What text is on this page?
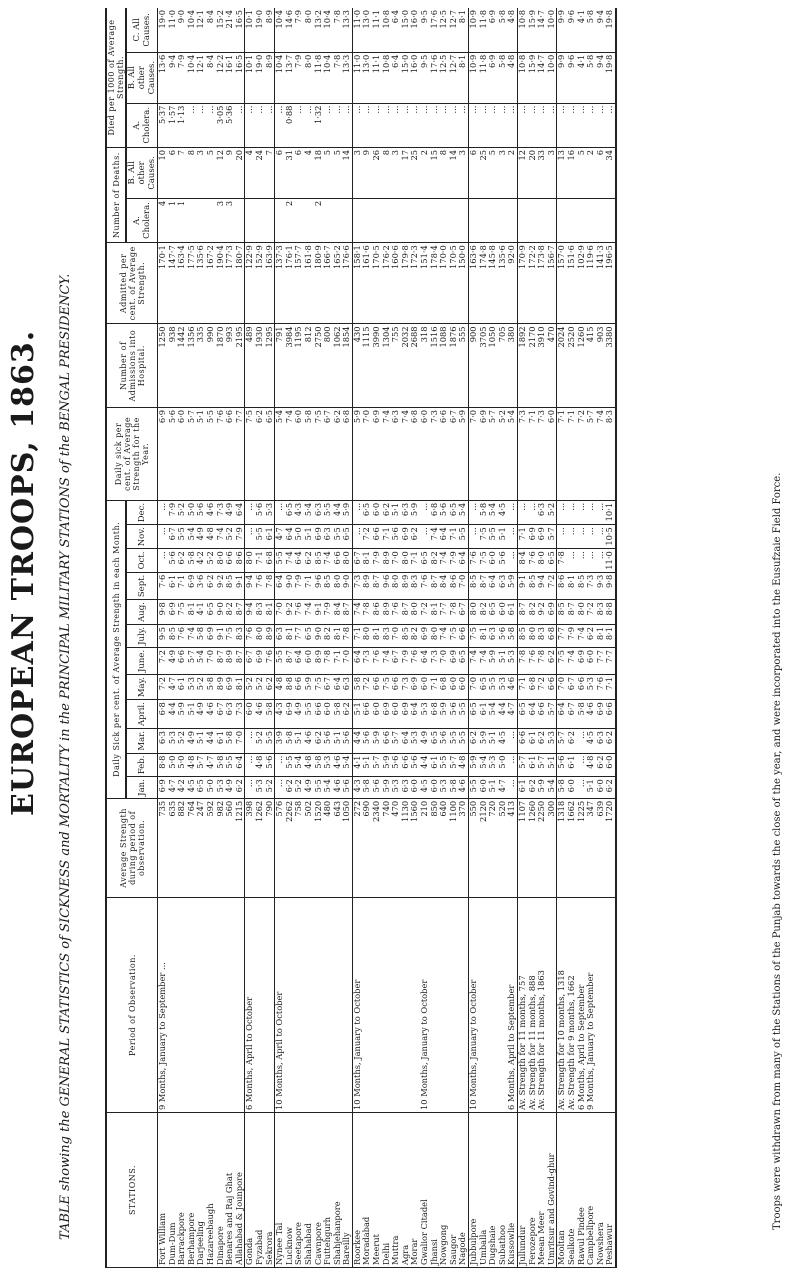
EUROPEAN TROOPS, 1863. TABLE showing the GENERAL STATISTICS of SICKNESS and MORTALITY in the PRINCIPAL MILITARY STATIONS of the BENGAL PRESIDENCY.	Troops were withdrawn from many of the Stations of the Punjab towards the close of the year, and were incorporated into the Eusufzaie Field Force.
STATIONS.	Period of Observation.	Average Strength during period of observation.	Daily Sick per cent. of Average Strength in each Month.												Daily sick per cent. of Average Strength for the Year.	Number of Admissions into Hospital.	Admitted per cent. of Average Strength.	Number of Deaths.		Died per 1000 of Average Strength.		
			Jan.	Feb.	Mar.	April.	May.	June.	July.	Aug.	Sept.	Oct.	Nov.	Dec.				A. Cholera.	B. All other Causes.	A. Cholera.	B. All other Causes.	C. All Causes.
Fort William	9 Months, January to September ...	735	6·9	8·8	6·3	6·8	7·2	7·2	9·5	9·8	7·6	...	...	...	6·9	1250	170·1	4	10	5·37	13·6	19·0
Dum-Dum		635	4·7	5·0	5·3	4·4	4·7	4·9	8·5	6·9	6·1	5·6	6·7	7·9	5·6	938	147·7	1	6	1·57	9·4	11·0
Barrackpore		882	4·2	5·0	5·2	5·9	6·1	6·6	7·6	7·5	7·1	6·2	5·5	5·2	6·0	1442	163·4	1	7	1·13	7·9	9·0
Berhampore		764	4·5	4·8	4·9	5·1	5·3	5·7	7·4	8·1	6·9	5·8	5·4	5·0	5·7	1356	177·5		8	...	10·4	10·4
Darjeeling		247	6·5	5·7	5·1	4·9	5·2	5·4	5·8	4·1	3·6	4·2	4·9	5·6	5·1	335	135·6		3	...	12·1	12·1
Hazareebaugh		592	5·0	4·7	4·4	4·6	5·8	7·0	6·9	6·5	6·2	5·2	4·8	4·6	5·5	990	167·2		5	...	8·4	8·4
Dinapore		982	5·3	5·8	6·1	6·7	8·9	8·7	9·1	9·0	9·2	8·0	7·4	7·3	7·6	1870	190·4	3	12	3·05	12·2	15·2
Benares and Raj Ghat		560	4·9	5·5	5·8	6·3	6·9	8·9	7·5	8·2	8·5	6·6	5·2	4·9	6·6	993	177·3	3	9	5·36	16·1	21·4
Allahabad & Jounpore		1215	6·2	6·4	7·0	7·3	8·1	8·7	8·3	8·7	9·1	8·6	7·9	6·4	7·7	2195	180·7		20	...	16·5	16·5
Gonda	6 Months, April to October	398	...	...	...	6·0	5·2	6·7	7·6	9·4	9·4	8·0	...	...	7·5	489	122·9		4	...	10·1	10·1
Fyzabad		1262	5·3	4·8	5·2	4·6	5·2	6·9	8·0	8·3	7·6	7·1	5·5	5·6	6·2	1930	152·9		24	...	19·0	19·0
Sekrora		790	5·2	5·6	5·5	5·8	6·2	7·6	8·9	8·1	7·8	6·8	6·1	5·3	6·5	1295	163·9		7	...	8·9	8·9
Nynee Tal	10 Months, April to October	576	...	...	3·9	4·3	4·8	5·5	6·3	7·0	6·4	5·5	4·7	...	5·4	791	137·3		6	...	10·4	10·4
Lucknow		2262	6·2	5·5	5·8	6·9	8·8	8·7	8·1	9·2	9·0	7·4	6·4	6·5	7·4	3984	176·1	2	31	0·88	13·7	14·6
Seetapore		758	5·2	5·4	5·1	4·9	6·6	6·4	7·7	7·6	7·9	6·4	5·0	4·3	6·0	1195	157·7		6	...	7·9	7·9
Shahabad		502	4·9	4·8	4·6	5·5	5·9	6·0	6·5	7·4	7·1	6·2	5·1	5·4	5·8	812	161·8		4	...	8·0	8·0
Cawnpore		1520	5·5	5·8	6·2	6·6	7·5	8·9	9·0	9·1	9·6	8·5	6·9	6·3	7·5	2750	180·9	2	18	1·32	11·8	13·2
Futtehgurh		480	5·4	5·3	5·6	6·0	6·7	7·8	8·2	7·9	8·5	7·4	6·3	5·5	6·7	800	166·7		5	...	10·4	10·4
Shahjehanpore		643	4·6	4·6	5·1	5·8	6·4	7·1	8·1	8·4	8·0	6·6	5·5	4·4	6·2	1062	165·2		5	...	7·8	7·8
Bareilly		1050	5·6	5·4	5·6	6·2	6·3	7·0	7·8	8·7	9·0	8·0	6·5	5·9	6·8	1854	176·6		14	...	13·3	13·3
Roorkee	10 Months, January to October	272	4·3	4·1	4·4	5·1	5·8	6·4	7·1	7·4	7·3	6·7	...	...	5·9	430	158·1		3	...	11·0	11·0
Moradabad		690	5·8	5·1	5·6	6·6	7·2	7·3	8·0	7·8	8·9	8·1	7·2	6·5	7·0	1115	161·6		9	...	13·0	13·0
Meerut		2340	5·6	5·7	5·9	6·0	6·6	7·6	8·1	8·6	8·7	7·9	6·6	6·0	6·9	3990	170·5		26	...	11·1	11·1
Delhi		740	5·9	5·9	6·6	6·9	7·5	7·4	8·3	8·9	9·6	8·9	7·1	6·2	7·4	1304	176·2		8	...	10·8	10·8
Muttra		470	5·3	5·6	5·7	6·0	6·6	6·7	7·0	7·6	8·0	7·0	5·6	5·1	6·3	755	160·6		3	...	6·4	6·4
Agra		1130	6·3	6·6	6·4	6·9	7·3	7·9	8·5	8·7	8·9	8·0	6·9	6·3	7·4	2032	179·8		17	...	15·0	15·0
Morar		1560	6·0	5·6	5·3	6·4	6·9	7·6	8·2	8·0	8·3	7·1	6·2	5·9	6·8	2688	172·3		25	...	16·0	16·0
Gwalior Citadel	10 Months, January to October	210	4·5	4·4	4·9	5·3	6·0	6·4	6·9	7·2	7·6	6·5	...	...	6·0	318	151·4		2	...	9·5	9·5
Jhansi		850	6·0	6·1	6·5	6·8	7·1	7·3	8·0	8·1	8·7	8·2	7·4	6·8	7·3	1516	178·4		15	...	17·6	17·6
Nowgong		640	5·3	5·5	5·6	5·9	6·8	7·0	7·4	7·7	8·4	7·4	6·4	5·6	6·6	1088	170·0		8	...	12·5	12·5
Saugor		1100	5·8	5·7	5·5	5·6	6·0	6·9	7·5	7·8	8·6	7·9	7·1	6·5	6·7	1876	170·5		14	...	12·7	12·7
Nagode		370	4·6	4·8	5·5	5·5	6·0	6·5	6·6	6·7	7·0	6·4	5·5	5·4	5·9	555	150·0		3	...	8·1	8·1
Jubbulpore	10 Months, January to October	550	5·5	5·9	6·2	6·5	7·0	7·4	7·5	8·0	8·5	7·6	...	...	7·0	900	163·6		6	...	10·9	10·9
Umballa		2120	6·0	5·4	5·9	6·1	6·5	7·4	8·1	8·2	8·7	7·5	7·5	5·8	6·9	3705	174·8		25	...	11·8	11·8
Dugshaie		720	5·1	5·3	5·1	5·4	5·5	5·9	6·3	6·5	6·4	6·0	5·5	5·4	5·7	1050	145·8		5	...	6·9	6·9
Subathoo		520	4·7	5·0	4·5	4·4	5·3	5·1	5·6	6·0	6·3	5·6	5·1	4·5	5·2	705	135·6		3	...	5·8	5·8
Kussowlie	6 Months, April to September	413	...	...	...	4·7	4·6	5·3	5·8	6·1	5·9	...	...	...	5·4	380	92·0		2	...	4·8	4·8
Jullundur	Av. Strength for 11 months, 757	1107	6·1	5·7	6·6	6·5	7·1	7·8	8·5	8·7	9·1	8·4	7·1	...	7·3	1892	170·9		12	...	10·8	10·8
Ferozepore	Av. Strength for 11 months, 888	1260	6·2	6·1	6·1	6·4	6·8	7·6	8·0	8·2	8·5	7·6	6·9	...	7·1	2170	172·2		20	...	15·9	15·9
Meean Meer	Av. Strength for 11 months, 1863	2250	5·9	5·7	6·2	6·6	7·2	7·8	8·3	9·2	9·4	8·0	6·9	6·3	7·3	3910	173·8		33	...	14·7	14·7
Umritsur and Govind-ghur		300	5·4	5·1	5·3	5·7	6·6	6·2	6·8	6·9	7·2	6·5	5·7	5·2	6·0	470	156·7		3	...	10·0	10·0
Mooltan	Av. Strength for 10 months, 1318	1318	5·8	5·6	5·7	6·4	7·0	7·5	7·7	8·5	8·6	7·8	...	...	7·1	2024	157·0		13	...	9·9	9·9
Sealkote	Av. Strength for 9 months, 1662	1662	6·0	6·1	6·2	6·7	6·7	7·4	7·9	8·7	8·1	...	...	...	7·1	2520	151·6		16	...	9·6	9·6
Rawul Pindee	6 Months, April to September	1225	...	...	...	5·8	6·6	6·9	7·4	8·0	8·5	...	...	...	7·2	1260	102·9		5	...	4·1	4·1
Campbellpore	9 Months, January to September	347	5·1	4·8	4·5	4·6	5·3	6·0	6·2	7·2	7·3	...	...	...	5·7	415	119·6		2	...	5·8	5·8
Nowshera		639	6·0	6·2	6·3	6·9	7·6	7·7	8·1	8·3	9·3	...	...	...	7·4	903	141·3		6	...	9·4	9·4
Peshawur		1720	6·2	6·0	6·2	6·6	7·1	7·7	8·1	8·8	9·8	11·0	10·5	10·1	8·3	3380	196·5		34	...	19·8	19·8
